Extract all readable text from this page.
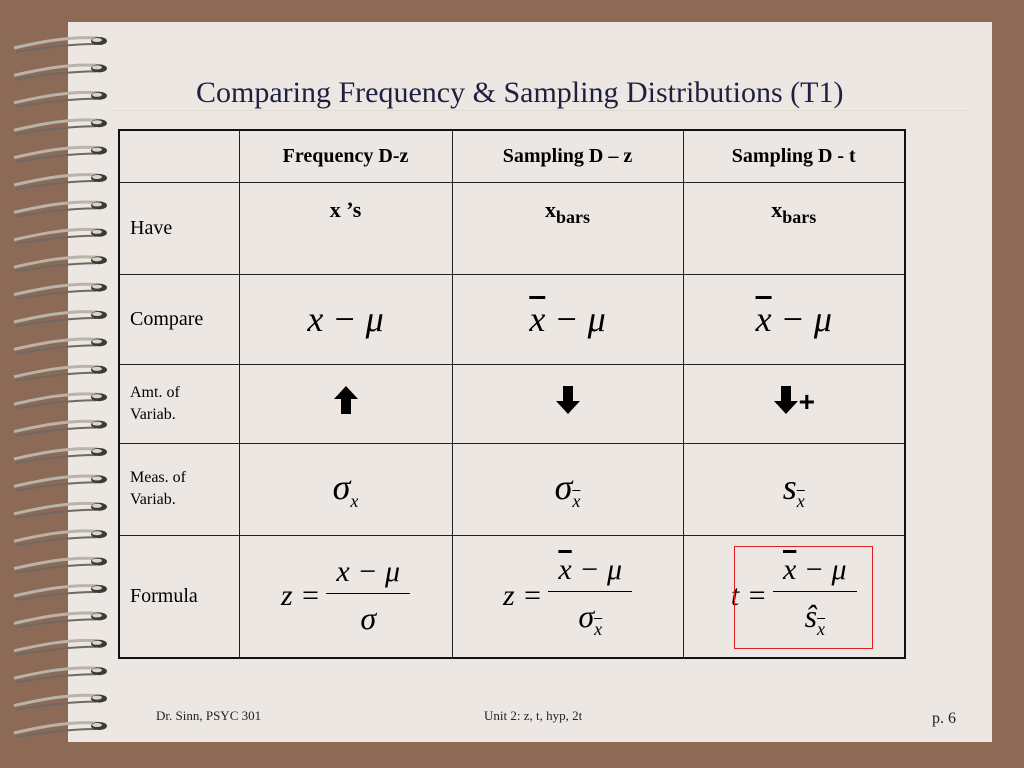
Comparing Frequency & Sampling Distributions (T1)
	Frequency D-z	Sampling D – z	Sampling D - t
Have	x ’s	$x_{bars}$	$x_{bars}$

Compare	x − μ	$\overline{x} - \mu$	$\overline{x} - \mu$
Amt. of
Variab.			+
Meas. of
Variab.	$\sigma_x$	$\sigma_{\overline{x}}$	$s_{\overline{x}}$
Formula	$z = \frac{x - \mu}{\sigma}$	$z = \frac{\overline{x} - \mu}{\sigma_{\overline{x}}}$	$t = \frac{\overline{x} - \mu}{ŝ_{\overline{x}}}$
Dr. Sinn, PSYC 301	Unit 2: z, t, hyp, 2t	p. 6
